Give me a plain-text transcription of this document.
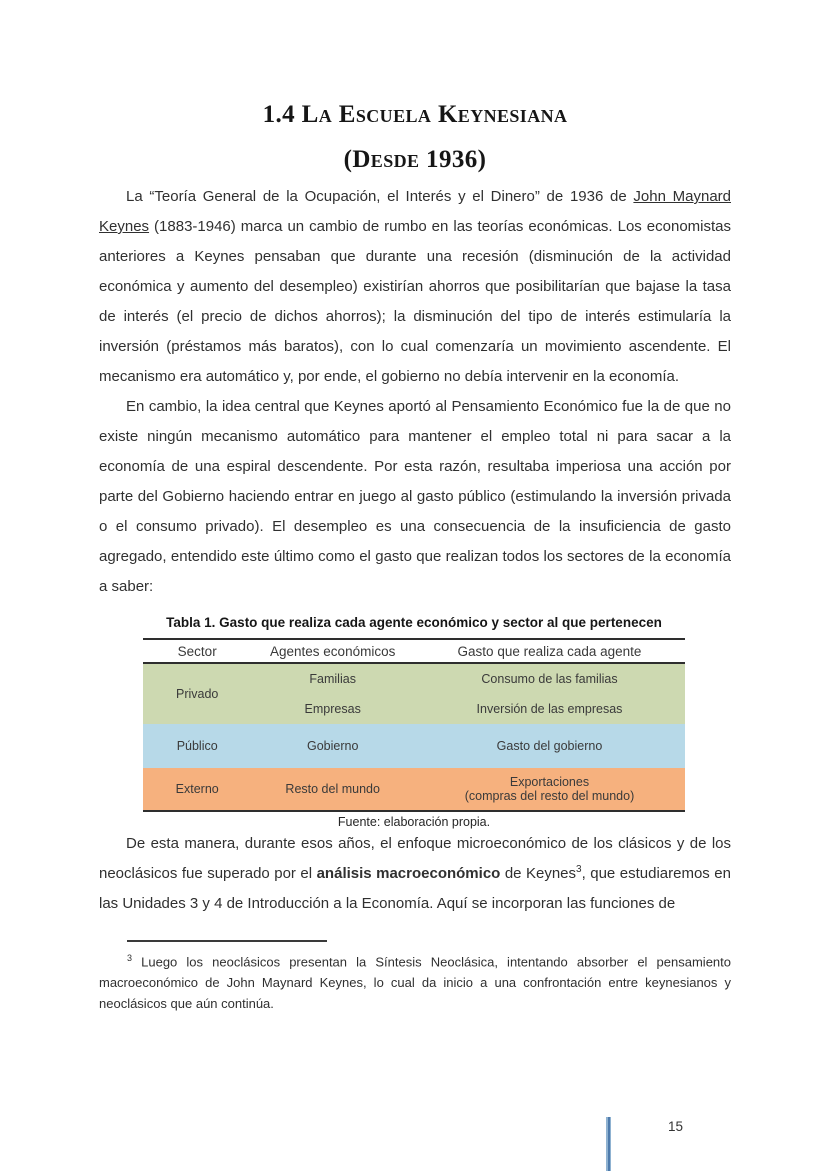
1.4 La Escuela Keynesiana
(Desde 1936)

La “Teoría General de la Ocupación, el Interés y el Dinero” de 1936 de John Maynard Keynes (1883-1946) marca un cambio de rumbo en las teorías económicas. Los economistas anteriores a Keynes pensaban que durante una recesión (disminución de la actividad económica y aumento del desempleo) existirían ahorros que posibilitarían que bajase la tasa de interés (el precio de dichos ahorros); la disminución del tipo de interés estimularía la inversión (préstamos más baratos), con lo cual comenzaría un movimiento ascendente. El mecanismo era automático y, por ende, el gobierno no debía intervenir en la economía.

En cambio, la idea central que Keynes aportó al Pensamiento Económico fue la de que no existe ningún mecanismo automático para mantener el empleo total ni para sacar a la economía de una espiral descendente. Por esta razón, resultaba imperiosa una acción por parte del Gobierno haciendo entrar en juego al gasto público (estimulando la inversión privada o el consumo privado). El desempleo es una consecuencia de la insuficiencia de gasto agregado, entendido este último como el gasto que realizan todos los sectores de la economía a saber:

Tabla 1. Gasto que realiza cada agente económico y sector al que pertenecen
Sector	Agentes económicos	Gasto que realiza cada agente
Privado	Familias	Consumo de las familias
	Empresas	Inversión de las empresas
Público	Gobierno	Gasto del gobierno
Externo	Resto del mundo	Exportaciones
(compras del resto del mundo)
Fuente: elaboración propia.

De esta manera, durante esos años, el enfoque microeconómico de los clásicos y de los neoclásicos fue superado por el análisis macroeconómico de Keynes$^3$, que estudiaremos en las Unidades 3 y 4 de Introducción a la Economía. Aquí se incorporan las funciones de

$^3$ Luego los neoclásicos presentan la Síntesis Neoclásica, intentando absorber el pensamiento macroeconómico de John Maynard Keynes, lo cual da inicio a una confrontación entre keynesianos y neoclásicos que aún continúa.
15
